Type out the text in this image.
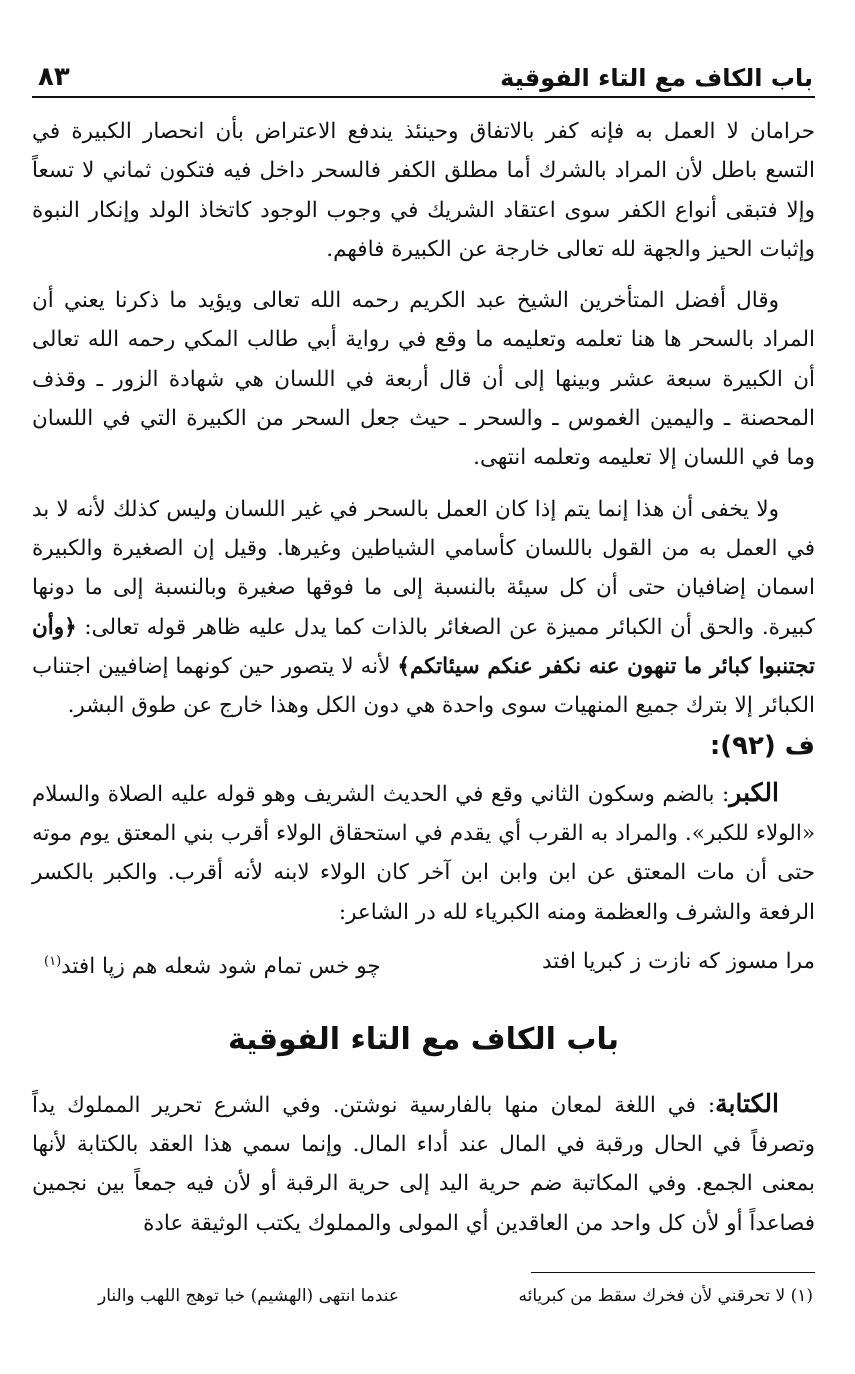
٨٣	باب الكاف مع التاء الفوقية

حرامان لا العمل به فإنه كفر بالاتفاق وحينئذ يندفع الاعتراض بأن انحصار الكبيرة في التسع باطل لأن المراد بالشرك أما مطلق الكفر فالسحر داخل فيه فتكون ثماني لا تسعاً وإلا فتبقى أنواع الكفر سوى اعتقاد الشريك في وجوب الوجود كاتخاذ الولد وإنكار النبوة وإثبات الحيز والجهة لله تعالى خارجة عن الكبيرة فافهم.

وقال أفضل المتأخرين الشيخ عبد الكريم رحمه الله تعالى ويؤيد ما ذكرنا يعني أن المراد بالسحر ها هنا تعلمه وتعليمه ما وقع في رواية أبي طالب المكي رحمه الله تعالى أن الكبيرة سبعة عشر وبينها إلى أن قال أربعة في اللسان هي شهادة الزور ـ وقذف المحصنة ـ واليمين الغموس ـ والسحر ـ حيث جعل السحر من الكبيرة التي في اللسان وما في اللسان إلا تعليمه وتعلمه انتهى.

ولا يخفى أن هذا إنما يتم إذا كان العمل بالسحر في غير اللسان وليس كذلك لأنه لا بد في العمل به من القول باللسان كأسامي الشياطين وغيرها. وقيل إن الصغيرة والكبيرة اسمان إضافيان حتى أن كل سيئة بالنسبة إلى ما فوقها صغيرة وبالنسبة إلى ما دونها كبيرة. والحق أن الكبائر مميزة عن الصغائر بالذات كما يدل عليه ظاهر قوله تعالى: ﴿وأن تجتنبوا كبائر ما تنهون عنه نكفر عنكم سيئاتكم﴾ لأنه لا يتصور حين كونهما إضافيين اجتناب الكبائر إلا بترك جميع المنهيات سوى واحدة هي دون الكل وهذا خارج عن طوق البشر.

ف (٩٢):

الكبر: بالضم وسكون الثاني وقع في الحديث الشريف وهو قوله عليه الصلاة والسلام «الولاء للكبر». والمراد به القرب أي يقدم في استحقاق الولاء أقرب بني المعتق يوم موته حتى أن مات المعتق عن ابن وابن ابن آخر كان الولاء لابنه لأنه أقرب. والكبر بالكسر الرفعة والشرف والعظمة ومنه الكبرياء لله در الشاعر:

مرا مسوز كه نازت ز كبريا افتد
چو خس تمام شود شعله هم زپا افتد$^{(١)}$
باب الكاف مع التاء الفوقية

الكتابة: في اللغة لمعان منها بالفارسية نوشتن. وفي الشرع تحرير المملوك يداً وتصرفاً في الحال ورقبة في المال عند أداء المال. وإنما سمي هذا العقد بالكتابة لأنها بمعنى الجمع. وفي المكاتبة ضم حرية اليد إلى حرية الرقبة أو لأن فيه جمعاً بين نجمين فصاعداً أو لأن كل واحد من العاقدين أي المولى والمملوك يكتب الوثيقة عادة

(١) لا تحرقني لأن فخرك سقط من كبريائه
عندما انتهى (الهشيم) خبا توهج اللهب والنار
